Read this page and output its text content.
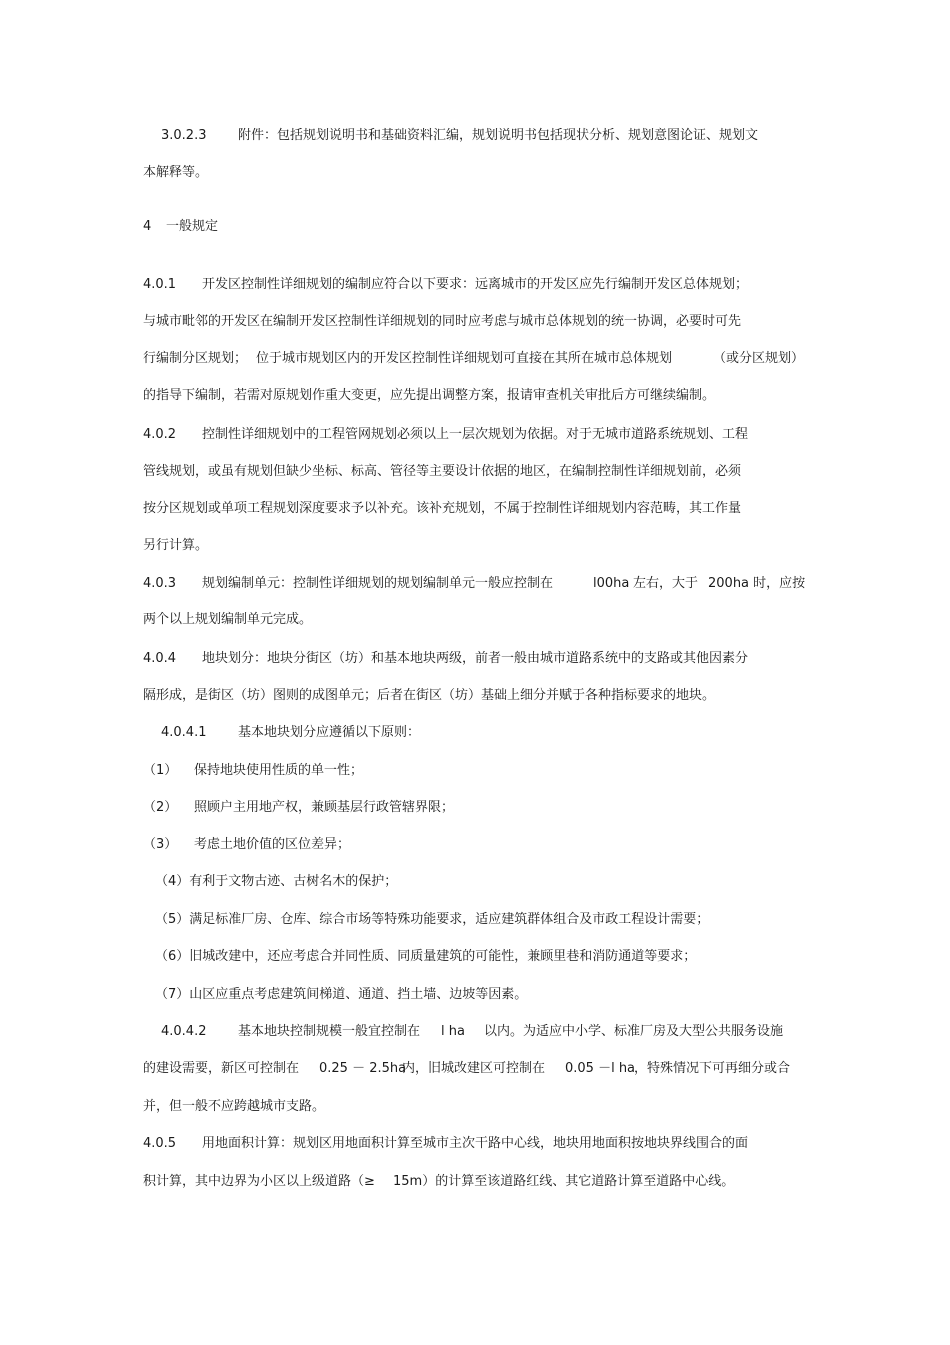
3.0.2.3 附件：包括规划说明书和基础资料汇编，规划说明书包括现状分析、规划意图论证、规划文
本解释等。
4 一般规定
4.0.1 开发区控制性详细规划的编制应符合以下要求：远离城市的开发区应先行编制开发区总体规划；
与城市毗邻的开发区在编制开发区控制性详细规划的同时应考虑与城市总体规划的统一协调，必要时可先
行编制分区规划； 位于城市规划区内的开发区控制性详细规划可直接在其所在城市总体规划	（或分区规划）
的指导下编制，若需对原规划作重大变更，应先提出调整方案，报请审查机关审批后方可继续编制。
4.0.2 控制性详细规划中的工程管网规划必须以上一层次规划为依据。对于无城市道路系统规划、工程
管线规划，或虽有规划但缺少坐标、标高、管径等主要设计依据的地区，在编制控制性详细规划前，必须
按分区规划或单项工程规划深度要求予以补充。该补充规划，不属于控制性详细规划内容范畴，其工作量
另行计算。
4.0.3 规划编制单元：控制性详细规划的规划编制单元一般应控制在	l00ha 左右，大于 200ha 时，应按
两个以上规划编制单元完成。
4.0.4 地块划分：地块分街区（坊）和基本地块两级，前者一般由城市道路系统中的支路或其他因素分
隔形成，是街区（坊）图则的成图单元；后者在街区（坊）基础上细分并赋于各种指标要求的地块。
4.0.4.1 基本地块划分应遵循以下原则：
（1） 保持地块使用性质的单一性；
（2） 照顾户主用地产权，兼顾基层行政管辖界限；
（3） 考虑土地价值的区位差异；
（4）有利于文物古迹、古树名木的保护；
（5）满足标准厂房、仓库、综合市场等特殊功能要求，适应建筑群体组合及市政工程设计需要；
（6）旧城改建中，还应考虑合并同性质、同质量建筑的可能性，兼顾里巷和消防通道等要求；
（7）山区应重点考虑建筑间梯道、通道、挡土墙、边坡等因素。
4.0.4.2 基本地块控制规模一般宜控制在 l ha 以内。为适应中小学、标准厂房及大型公共服务设施
的建设需要，新区可控制在 0.25 － 2.5ha
内，旧城改建区可控制在 0.05 －l ha
，特殊情况下可再细分或合
并，但一般不应跨越城市支路。
4.0.5 用地面积计算：规划区用地面积计算至城市主次干路中心线，地块用地面积按地块界线围合的面
积计算，其中边界为小区以上级道路（≥ 15m）的计算至该道路红线、其它道路计算至道路中心线。
